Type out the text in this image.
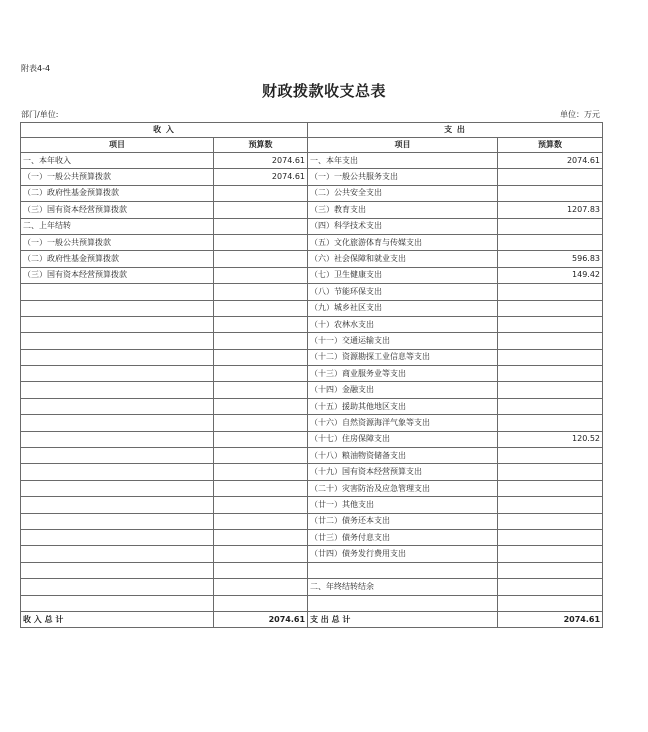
附表4-4
财政拨款收支总表
部门/单位:	单位：万元
收 入		支 出	
项目	预算数	项目	预算数
一、本年收入	2074.61	一、本年支出	2074.61
（一）一般公共预算拨款	2074.61	（一）一般公共服务支出	
（二）政府性基金预算拨款		（二）公共安全支出	
（三）国有资本经营预算拨款		（三）教育支出	1207.83
二、上年结转		（四）科学技术支出	
（一）一般公共预算拨款		（五）文化旅游体育与传媒支出	
（二）政府性基金预算拨款		（六）社会保障和就业支出	596.83
（三）国有资本经营预算拨款		（七）卫生健康支出	149.42
		（八）节能环保支出	
		（九）城乡社区支出	
		（十）农林水支出	
		（十一）交通运输支出	
		（十二）资源勘探工业信息等支出	
		（十三）商业服务业等支出	
		（十四）金融支出	
		（十五）援助其他地区支出	
		（十六）自然资源海洋气象等支出	
		（十七）住房保障支出	120.52
		（十八）粮油物资储备支出	
		（十九）国有资本经营预算支出	
		（二十）灾害防治及应急管理支出	
		（廿一）其他支出	
		（廿二）债务还本支出	
		（廿三）债务付息支出	
		（廿四）债务发行费用支出	

		二、年终结转结余	

收 入 总 计	2074.61	支 出 总 计	2074.61
